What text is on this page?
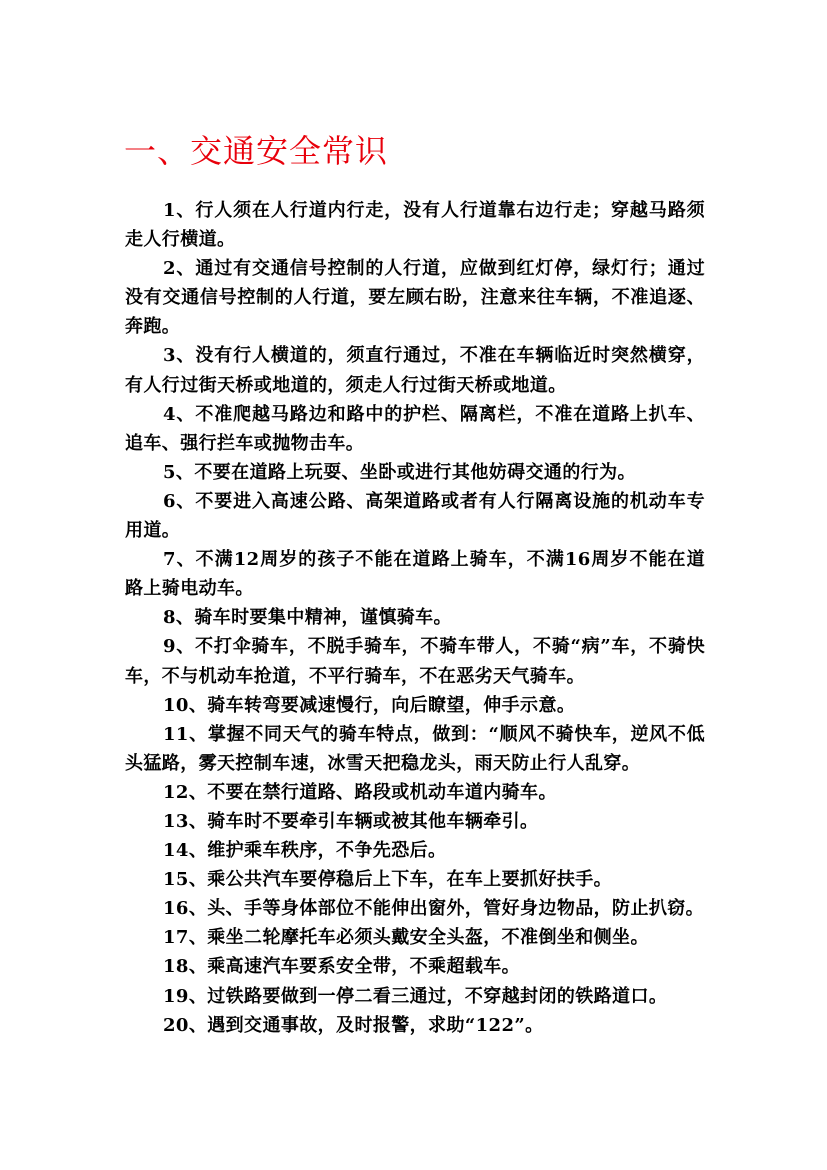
一、交通安全常识

1、行人须在人行道内行走，没有人行道靠右边行走；穿越马路须走人行横道。

2、通过有交通信号控制的人行道，应做到红灯停，绿灯行；通过没有交通信号控制的人行道，要左顾右盼，注意来往车辆，不准追逐、奔跑。

3、没有行人横道的，须直行通过，不准在车辆临近时突然横穿，有人行过街天桥或地道的，须走人行过街天桥或地道。

4、不准爬越马路边和路中的护栏、隔离栏，不准在道路上扒车、追车、强行拦车或抛物击车。

5、不要在道路上玩耍、坐卧或进行其他妨碍交通的行为。

6、不要进入高速公路、高架道路或者有人行隔离设施的机动车专用道。

7、不满12周岁的孩子不能在道路上骑车，不满16周岁不能在道路上骑电动车。

8、骑车时要集中精神，谨慎骑车。

9、不打伞骑车，不脱手骑车，不骑车带人，不骑“病”车，不骑快车，不与机动车抢道，不平行骑车，不在恶劣天气骑车。

10、骑车转弯要减速慢行，向后瞭望，伸手示意。

11、掌握不同天气的骑车特点，做到：“顺风不骑快车，逆风不低头猛路，雾天控制车速，冰雪天把稳龙头，雨天防止行人乱穿。

12、不要在禁行道路、路段或机动车道内骑车。

13、骑车时不要牵引车辆或被其他车辆牵引。

14、维护乘车秩序，不争先恐后。

15、乘公共汽车要停稳后上下车，在车上要抓好扶手。

16、头、手等身体部位不能伸出窗外，管好身边物品，防止扒窃。

17、乘坐二轮摩托车必须头戴安全头盔，不准倒坐和侧坐。

18、乘高速汽车要系安全带，不乘超载车。

19、过铁路要做到一停二看三通过，不穿越封闭的铁路道口。

20、遇到交通事故，及时报警，求助“122”。
